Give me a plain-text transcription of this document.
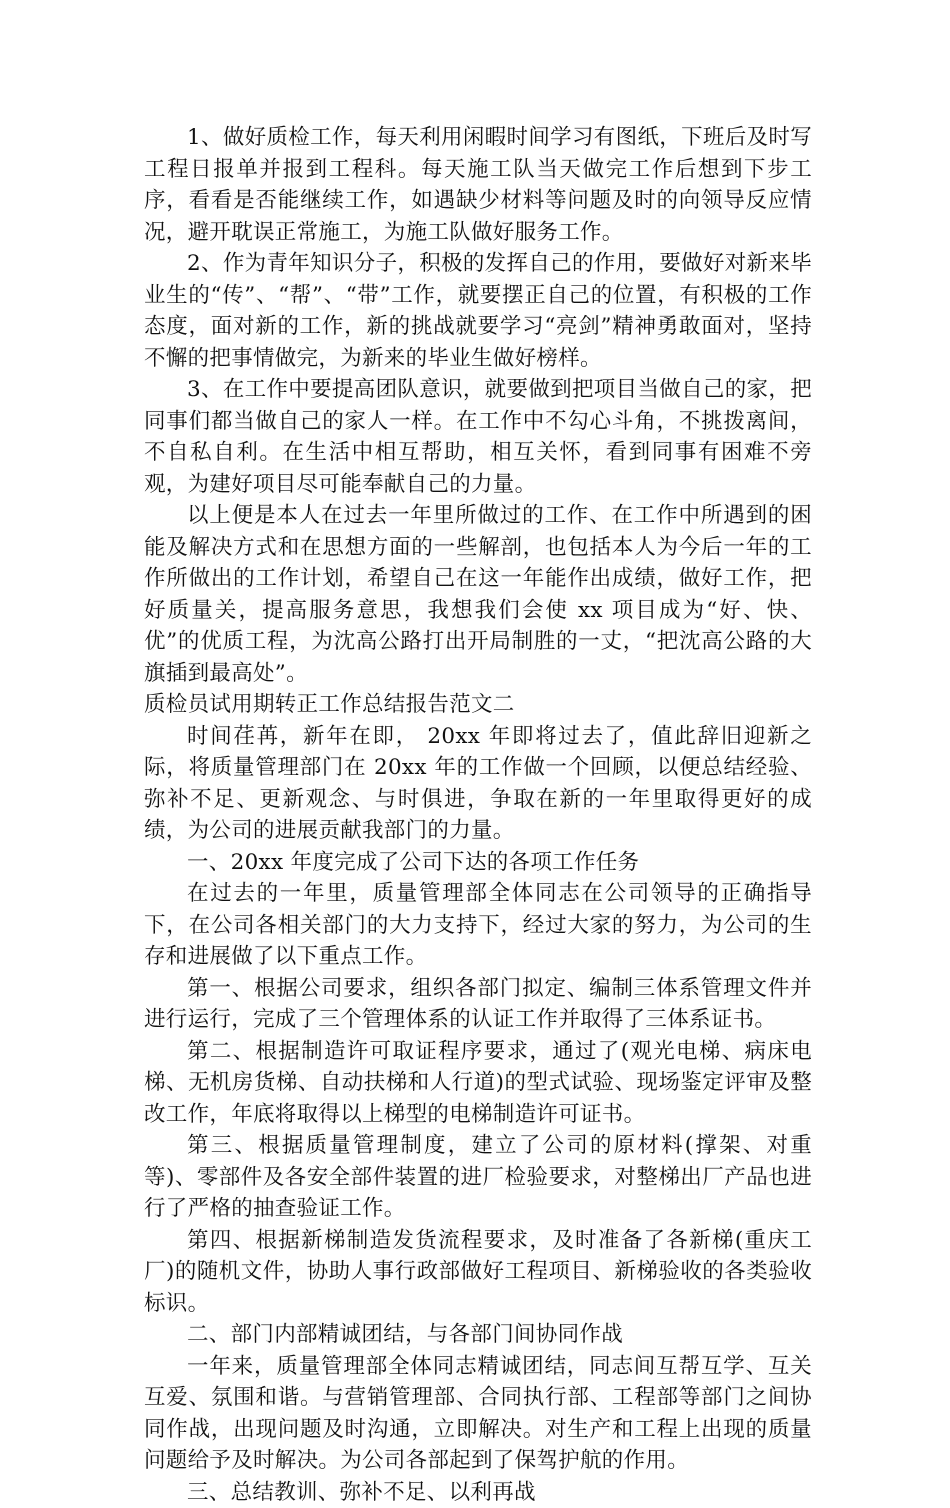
1、做好质检工作，每天利用闲暇时间学习有图纸，下班后及时写工程日报单并报到工程科。每天施工队当天做完工作后想到下步工序，看看是否能继续工作，如遇缺少材料等问题及时的向领导反应情况，避开耽误正常施工，为施工队做好服务工作。

2、作为青年知识分子，积极的发挥自己的作用，要做好对新来毕业生的“传”、“帮”、“带”工作，就要摆正自己的位置，有积极的工作态度，面对新的工作，新的挑战就要学习“亮剑”精神勇敢面对，坚持不懈的把事情做完，为新来的毕业生做好榜样。

3、在工作中要提高团队意识，就要做到把项目当做自己的家，把同事们都当做自己的家人一样。在工作中不勾心斗角，不挑拨离间，不自私自利。在生活中相互帮助，相互关怀，看到同事有困难不旁观，为建好项目尽可能奉献自己的力量。

以上便是本人在过去一年里所做过的工作、在工作中所遇到的困能及解决方式和在思想方面的一些解剖，也包括本人为今后一年的工作所做出的工作计划，希望自己在这一年能作出成绩，做好工作，把好质量关，提高服务意思，我想我们会使 xx 项目成为“好、快、优”的优质工程，为沈高公路打出开局制胜的一丈，“把沈高公路的大旗插到最高处”。

质检员试用期转正工作总结报告范文二

时间荏苒，新年在即， 20xx 年即将过去了，值此辞旧迎新之际，将质量管理部门在 20xx 年的工作做一个回顾，以便总结经验、弥补不足、更新观念、与时俱进，争取在新的一年里取得更好的成绩，为公司的进展贡献我部门的力量。

一、20xx 年度完成了公司下达的各项工作任务

在过去的一年里，质量管理部全体同志在公司领导的正确指导下，在公司各相关部门的大力支持下，经过大家的努力，为公司的生存和进展做了以下重点工作。

第一、根据公司要求，组织各部门拟定、编制三体系管理文件并进行运行，完成了三个管理体系的认证工作并取得了三体系证书。

第二、根据制造许可取证程序要求，通过了(观光电梯、病床电梯、无机房货梯、自动扶梯和人行道)的型式试验、现场鉴定评审及整改工作，年底将取得以上梯型的电梯制造许可证书。

第三、根据质量管理制度，建立了公司的原材料(撑架、对重等)、零部件及各安全部件装置的进厂检验要求，对整梯出厂产品也进行了严格的抽查验证工作。

第四、根据新梯制造发货流程要求，及时准备了各新梯(重庆工厂)的随机文件，协助人事行政部做好工程项目、新梯验收的各类验收标识。

二、部门内部精诚团结，与各部门间协同作战

一年来，质量管理部全体同志精诚团结，同志间互帮互学、互关互爱、氛围和谐。与营销管理部、合同执行部、工程部等部门之间协同作战，出现问题及时沟通，立即解决。对生产和工程上出现的质量问题给予及时解决。为公司各部起到了保驾护航的作用。

三、总结教训、弥补不足、以利再战
